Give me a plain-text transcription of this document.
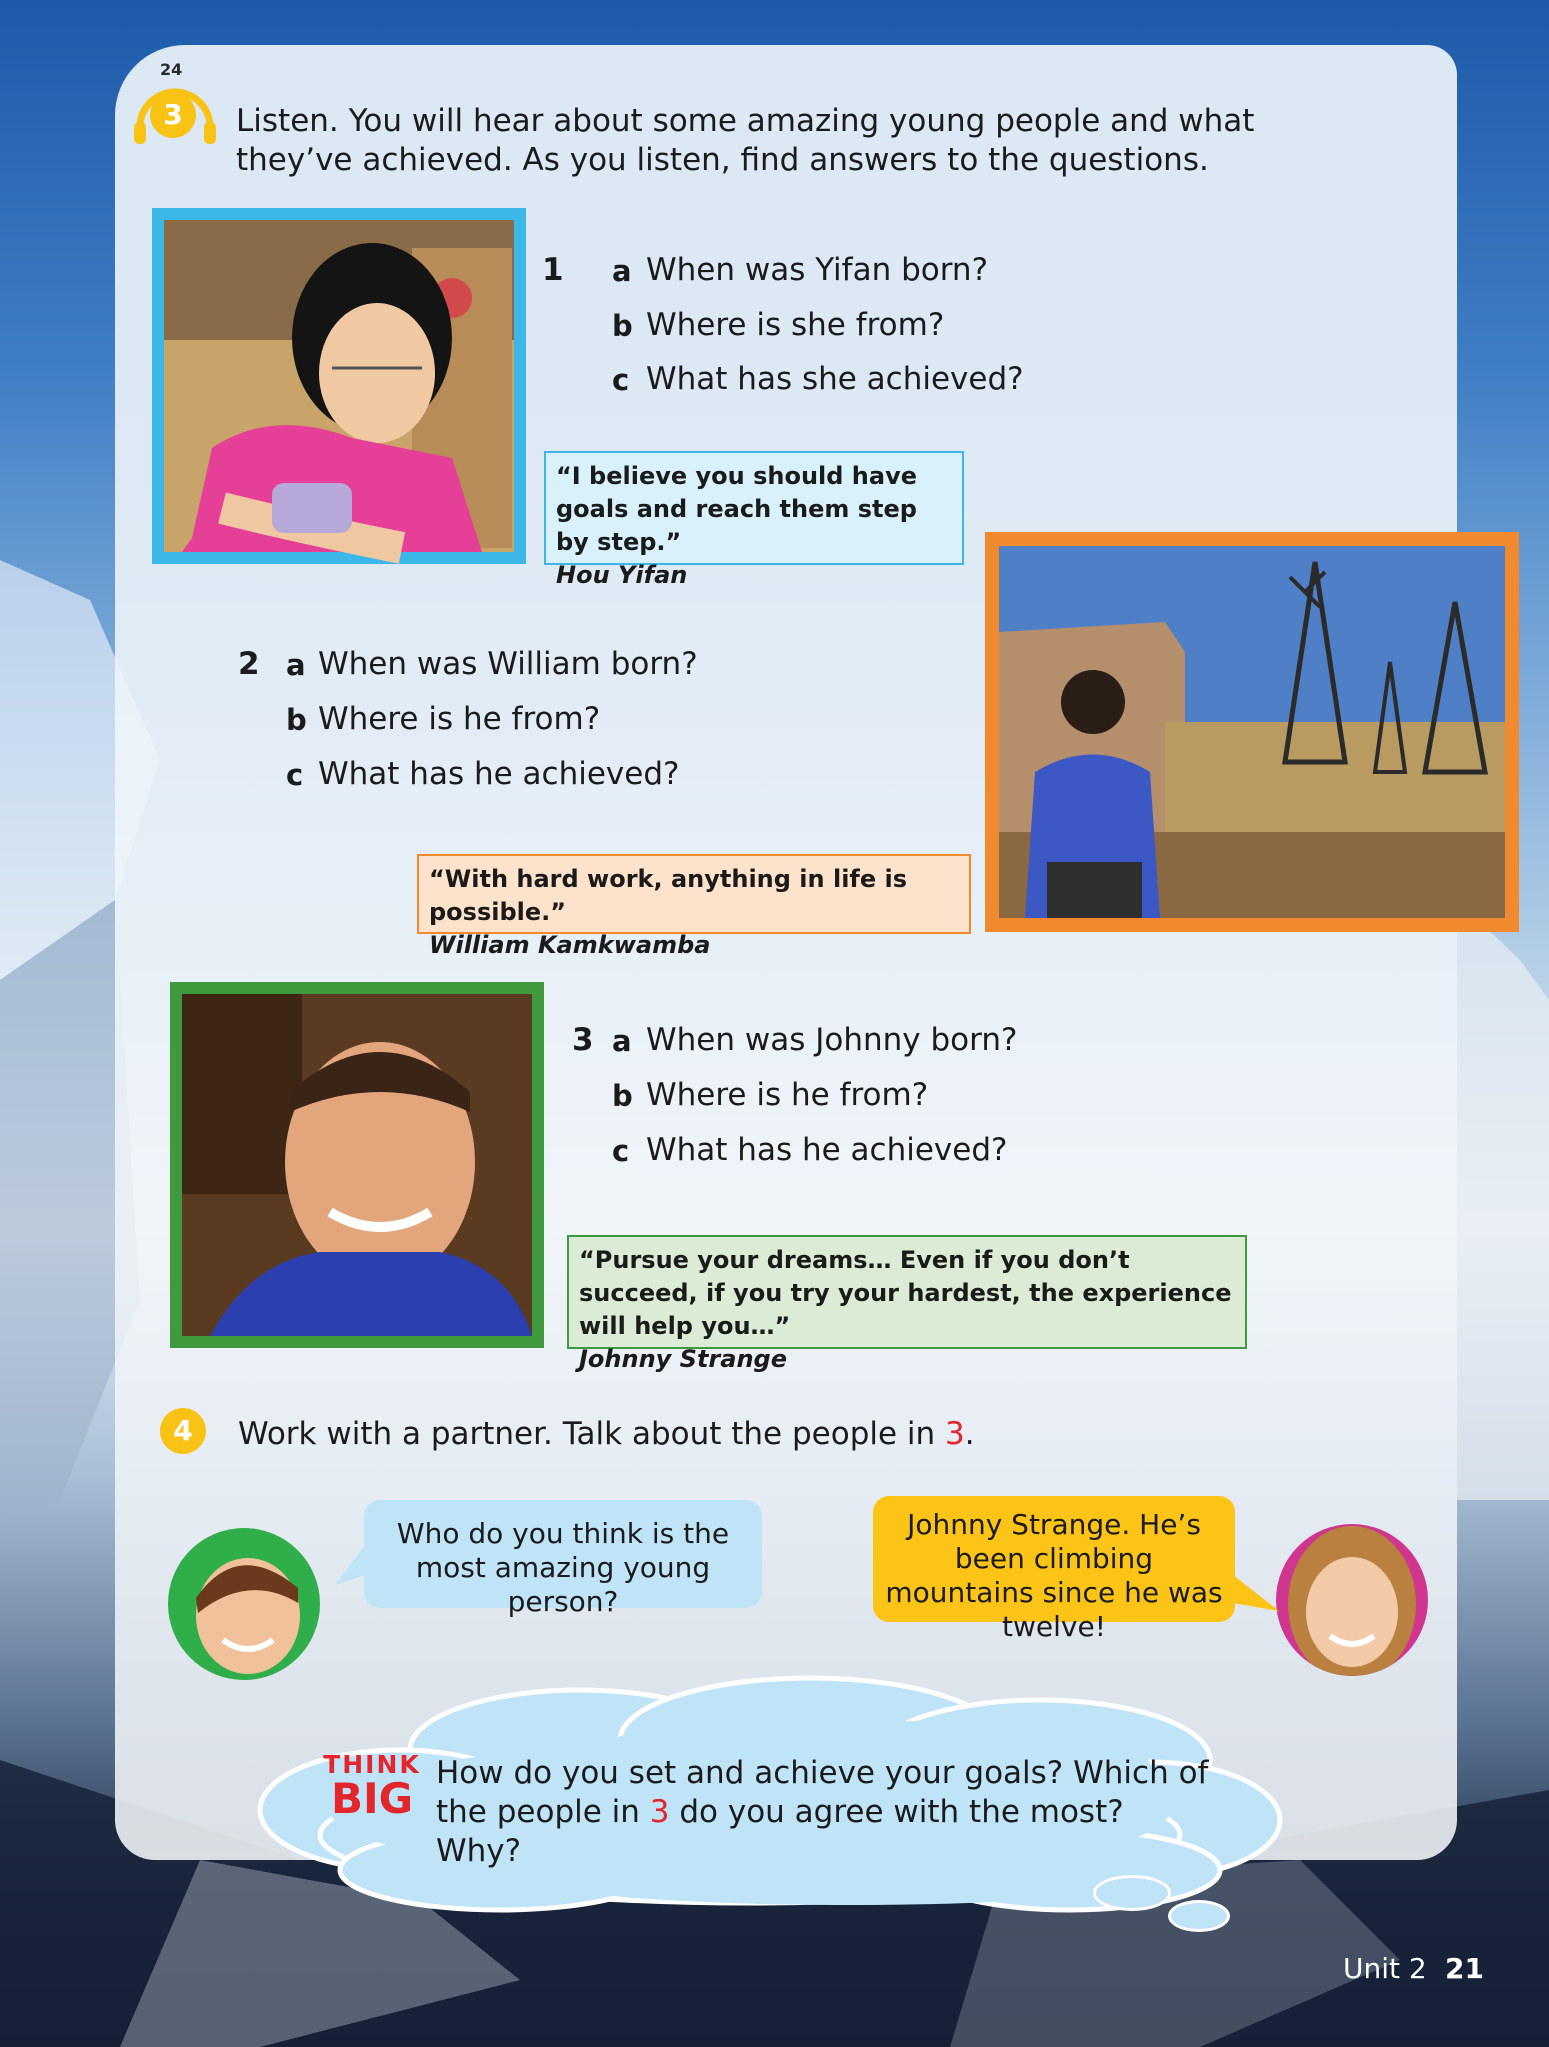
24
3	Listen. You will hear about some amazing young people and what they’ve achieved. As you listen, find answers to the questions.
1 a When was Yifan born?
b Where is she from?
c What has she achieved?
“I believe you should have goals and reach them step by step.”
Hou Yifan
2 a When was William born?
b Where is he from?
c What has he achieved?
“With hard work, anything in life is possible.”
William Kamkwamba
3 a When was Johnny born?
b Where is he from?
c What has he achieved?
“Pursue your dreams… Even if you don’t succeed, if you try your hardest, the experience will help you…”
Johnny Strange
4	Work with a partner. Talk about the people in 3.
Who do you think is the most amazing young person?
Johnny Strange. He’s been climbing mountains since he was twelve!
THINK
BIG
How do you set and achieve your goals? Which of the people in 3 do you agree with the most? Why?
Unit 2 21
